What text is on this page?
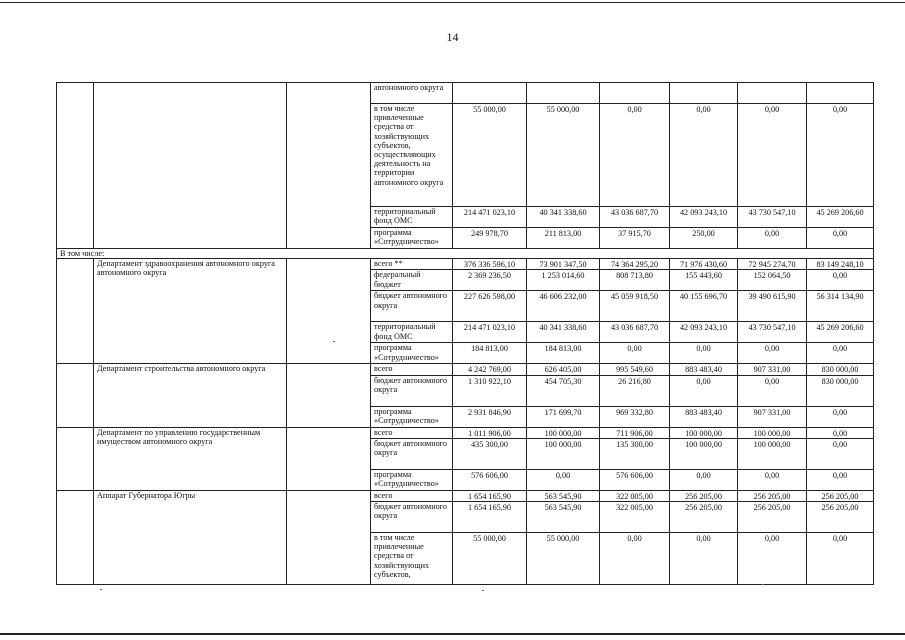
14
			автономного округа						
			в том числе привлеченные средства от хозяйствующих субъектов, осуществляющих деятельность на территории автономного округа	55 000,00	55 000,00	0,00	0,00	0,00	0,00
			территориальный фонд ОМС	214 471 023,10	40 341 338,60	43 036 687,70	42 093 243,10	43 730 547,10	45 269 206,60
			программа «Сотрудничество»	249 978,70	211 813,00	37 915,70	250,00	0,00	0,00
В том числе:									
	Департамент здравоохранения автономного округа автономного округа		всего **	376 336 596,10	73 901 347,50	74 364 295,20	71 976 430,60	72 945 274,70	83 149 248,10
			федеральный бюджет	2 369 236,50	1 253 014,60	808 713,80	155 443,60	152 064,50	0,00
			бюджет автономного округа	227 626 598,00	46 606 232,00	45 059 918,50	40 155 696,70	39 490 615,90	56 314 134,90
			территориальный фонд ОМС	214 471 023,10	40 341 338,60	43 036 687,70	42 093 243,10	43 730 547,10	45 269 206,60
			программа «Сотрудничество»	184 813,00	184 813,00	0,00	0,00	0,00	0,00
	Департамент строительства автономного округа		всего	4 242 769,00	626 405,00	995 549,60	883 483,40	907 331,00	830 000,00
			бюджет автономного округа	1 310 922,10	454 705,30	26 216,80	0,00	0,00	830 000,00
			программа «Сотрудничество»	2 931 846,90	171 699,70	969 332,80	883 483,40	907 331,00	0,00
	Департамент по управлению государственным имуществом автономного округа		всего	1 011 906,00	100 000,00	711 906,00	100 000,00	100 000,00	0,00
			бюджет автономного округа	435 300,00	100 000,00	135 300,00	100 000,00	100 000,00	0,00
			программа «Сотрудничество»	576 606,00	0,00	576 606,00	0,00	0,00	0,00
	Аппарат Губернатора Югры		всего	1 654 165,90	563 545,90	322 005,00	256 205,00	256 205,00	256 205,00
			бюджет автономного округа	1 654 165,90	563 545,90	322 005,00	256 205,00	256 205,00	256 205,00
			в том числе привлеченные средства от хозяйствующих субъектов,	55 000,00	55 000,00	0,00	0,00	0,00	0,00
